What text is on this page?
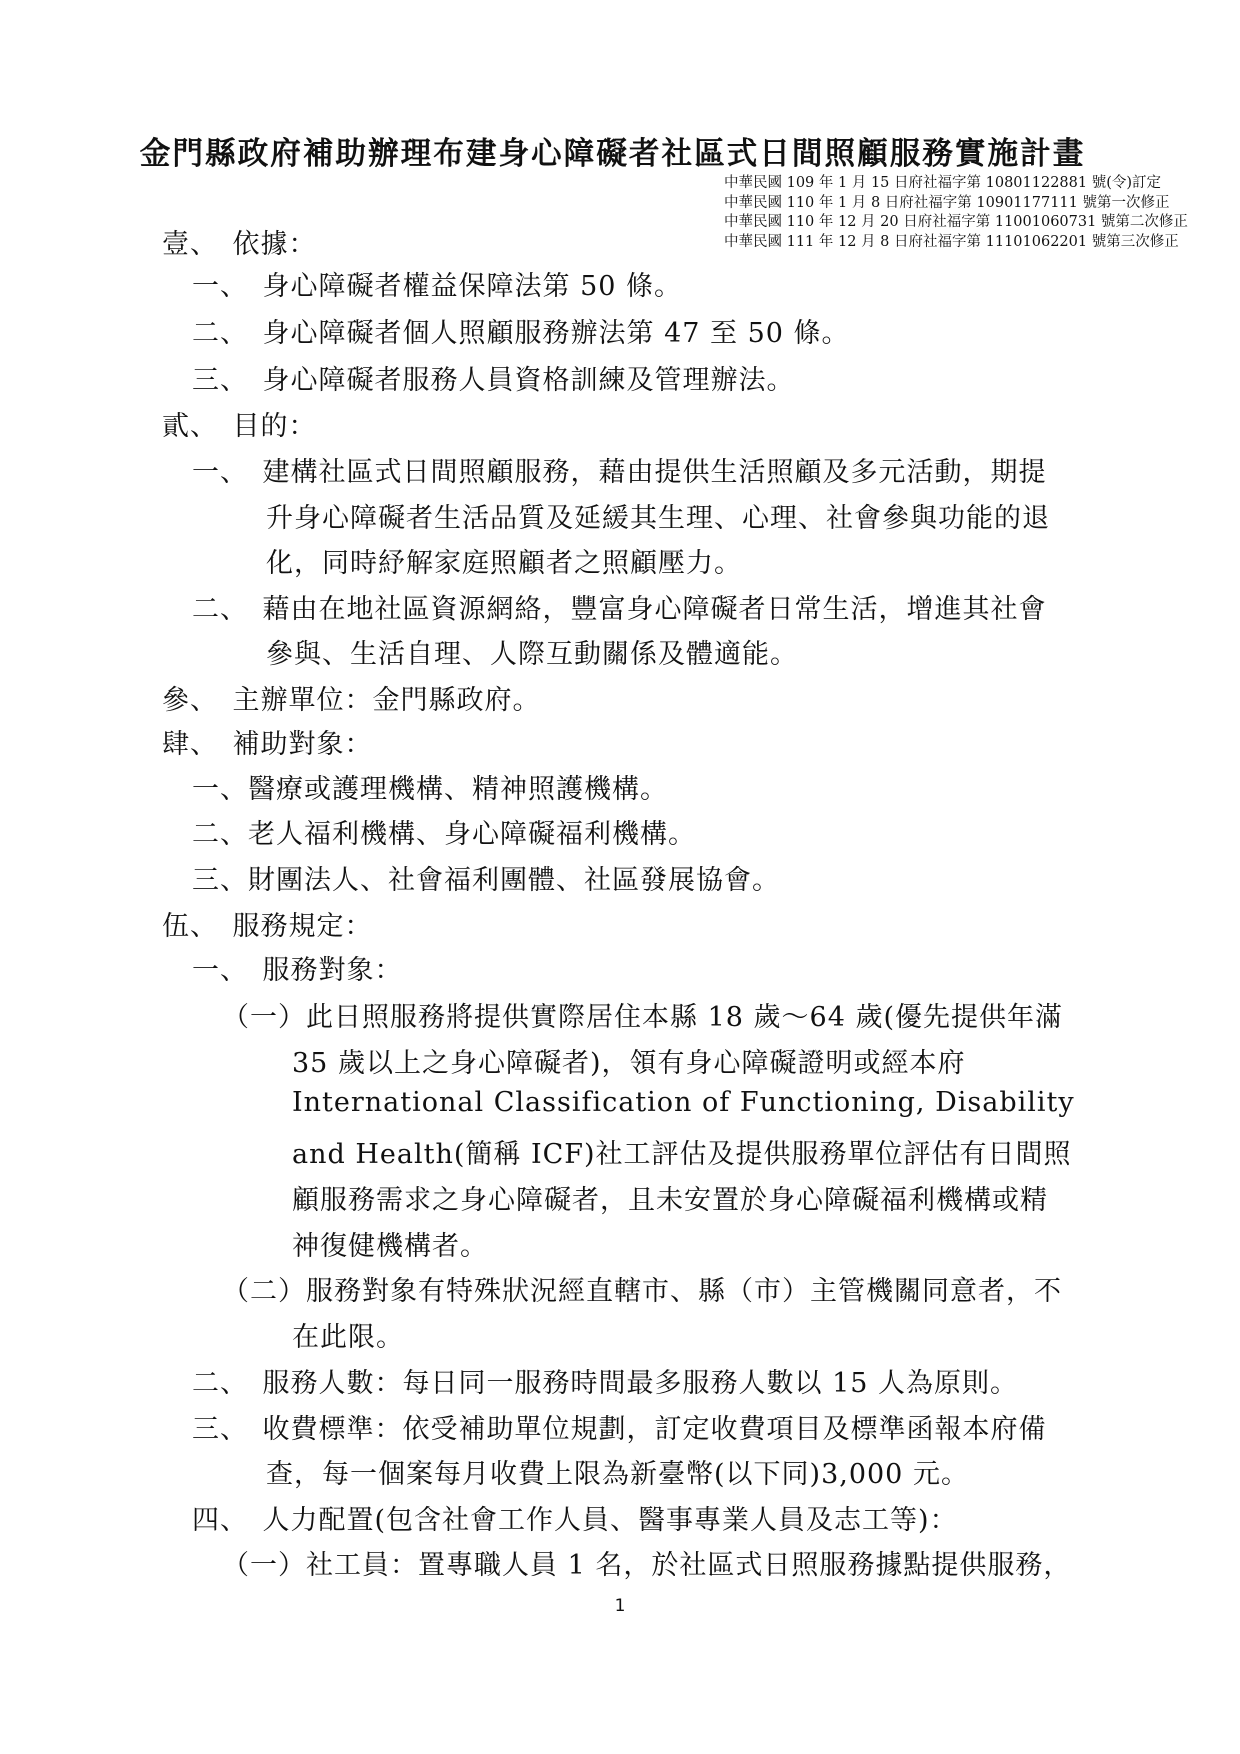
金門縣政府補助辦理布建身心障礙者社區式日間照顧服務實施計畫
中華民國 109 年 1 月 15 日府社福字第 10801122881 號(令)訂定
中華民國 110 年 1 月 8 日府社福字第 10901177111 號第一次修正
中華民國 110 年 12 月 20 日府社福字第 11001060731 號第二次修正
中華民國 111 年 12 月 8 日府社福字第 11101062201 號第三次修正
壹、　依據：
一、　身心障礙者權益保障法第 50 條。
二、　身心障礙者個人照顧服務辦法第 47 至 50 條。
三、　身心障礙者服務人員資格訓練及管理辦法。
貳、　目的：
一、　建構社區式日間照顧服務，藉由提供生活照顧及多元活動，期提
升身心障礙者生活品質及延緩其生理、心理、社會參與功能的退
化，同時紓解家庭照顧者之照顧壓力。
二、　藉由在地社區資源網絡，豐富身心障礙者日常生活，增進其社會
參與、生活自理、人際互動關係及體適能。
參、　主辦單位：金門縣政府。
肆、　補助對象：
一、醫療或護理機構、精神照護機構。
二、老人福利機構、身心障礙福利機構。
三、財團法人、社會福利團體、社區發展協會。
伍、　服務規定：
一、　服務對象：
（一）此日照服務將提供實際居住本縣 18 歲～64 歲(優先提供年滿
35 歲以上之身心障礙者)，領有身心障礙證明或經本府
International Classification of Functioning, Disability
and Health(簡稱 ICF)社工評估及提供服務單位評估有日間照
顧服務需求之身心障礙者，且未安置於身心障礙福利機構或精
神復健機構者。
（二）服務對象有特殊狀況經直轄市、縣（市）主管機關同意者，不
在此限。
二、　服務人數：每日同一服務時間最多服務人數以 15 人為原則。
三、　收費標準：依受補助單位規劃，訂定收費項目及標準函報本府備
查，每一個案每月收費上限為新臺幣(以下同)3,000 元。
四、　人力配置(包含社會工作人員、醫事專業人員及志工等)：
（一）社工員：置專職人員 1 名，於社區式日照服務據點提供服務，
1
